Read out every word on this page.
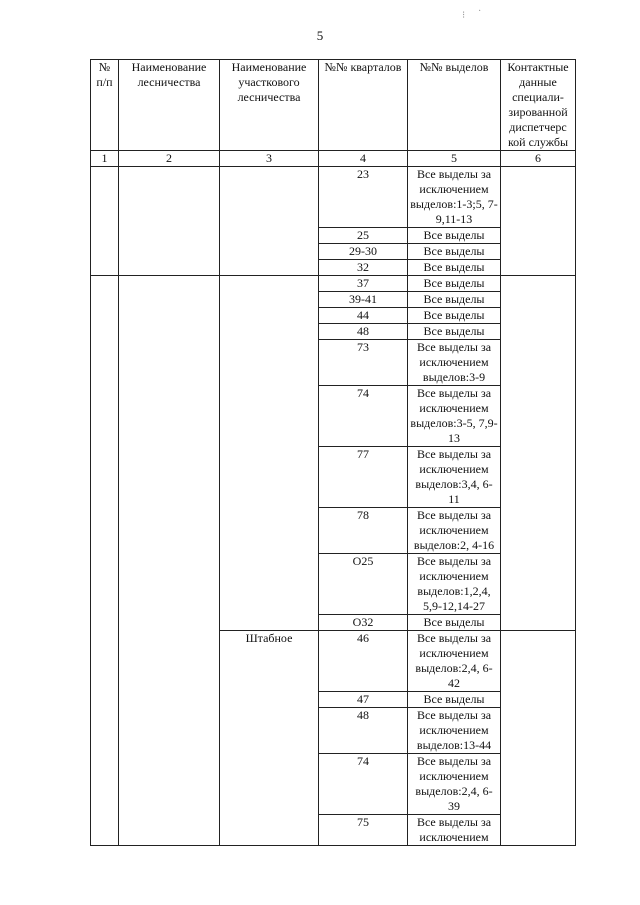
5
⁝ ·
№ п/п	Наименование лесничества	Наименование участкового лесничества	№№ кварталов	№№ выделов	Контактные данные специали-зированной диспетчерс кой службы
1	2	3	4	5	6
			23	Все выделы за исключением выделов:1-3;5, 7-9,11-13	
			25	Все выделы	
			29-30	Все выделы	
			32	Все выделы	
			37	Все выделы	
			39-41	Все выделы	
			44	Все выделы	
			48	Все выделы	
			73	Все выделы за исключением выделов:3-9	
			74	Все выделы за исключением выделов:3-5, 7,9-13	
			77	Все выделы за исключением выделов:3,4, 6-11	
			78	Все выделы за исключением выделов:2, 4-16	
			О25	Все выделы за исключением выделов:1,2,4, 5,9-12,14-27	
			О32	Все выделы	
		Штабное	46	Все выделы за исключением выделов:2,4, 6-42	
			47	Все выделы	
			48	Все выделы за исключением выделов:13-44	
			74	Все выделы за исключением выделов:2,4, 6-39	
			75	Все выделы за исключением	
